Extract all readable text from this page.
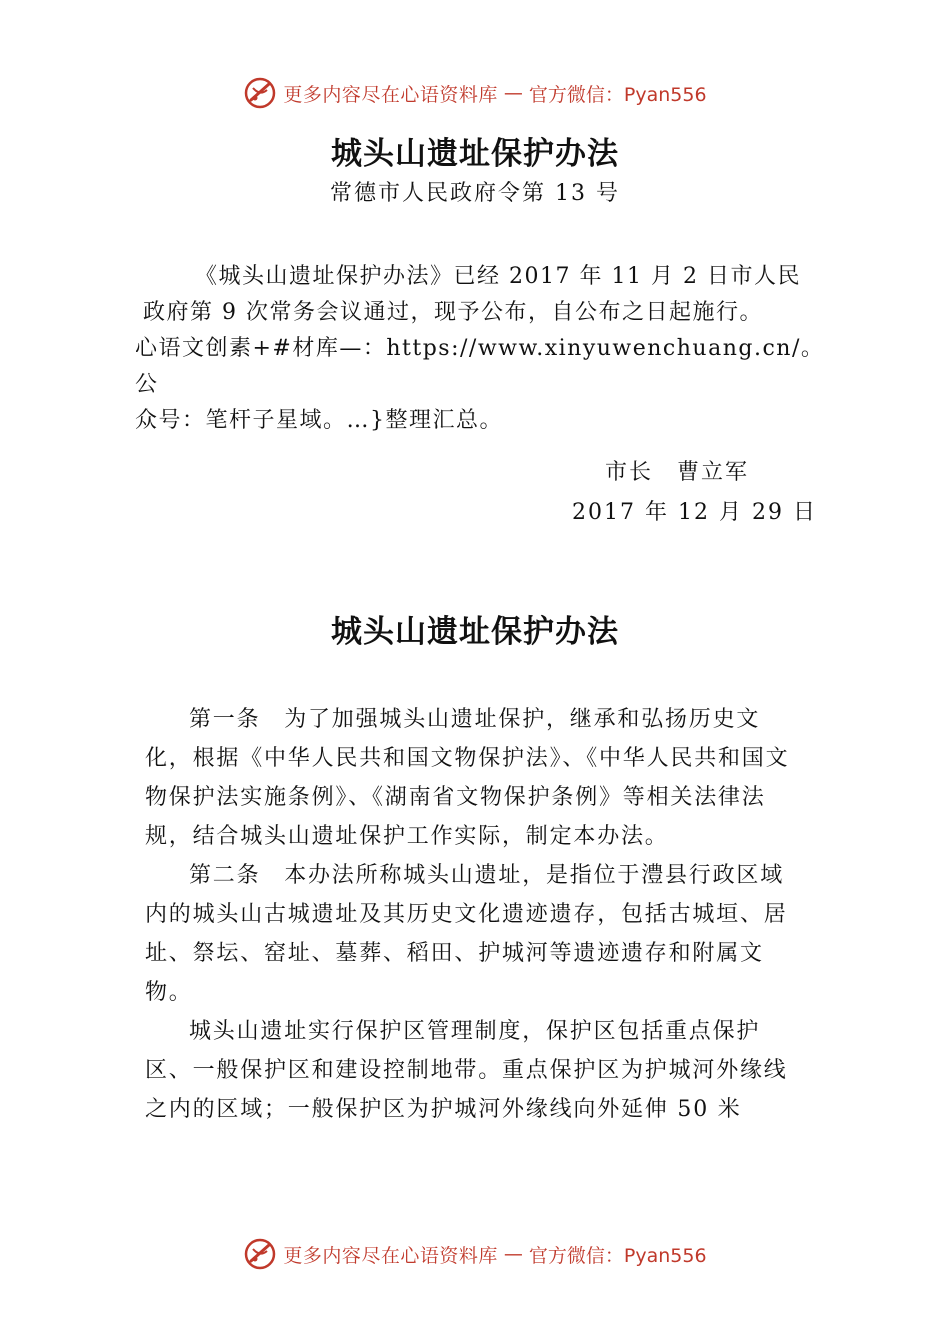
更多内容尽在心语资料库 — 官方微信：Pyan556
城头山遗址保护办法
常德市人民政府令第 13 号
《城头山遗址保护办法》已经 2017 年 11 月 2 日市人民
政府第 9 次常务会议通过，现予公布，自公布之日起施行。
心语文创素+#材库—：https://www.xinyuwenchuang.cn/。公
众号：笔杆子星域。…}整理汇总。
市长　曹立军
2017 年 12 月 29 日
城头山遗址保护办法

第一条　为了加强城头山遗址保护，继承和弘扬历史文化，根据《中华人民共和国文物保护法》、《中华人民共和国文物保护法实施条例》、《湖南省文物保护条例》等相关法律法规，结合城头山遗址保护工作实际，制定本办法。

第二条　本办法所称城头山遗址，是指位于澧县行政区域内的城头山古城遗址及其历史文化遗迹遗存，包括古城垣、居址、祭坛、窑址、墓葬、稻田、护城河等遗迹遗存和附属文物。

城头山遗址实行保护区管理制度，保护区包括重点保护区、一般保护区和建设控制地带。重点保护区为护城河外缘线之内的区域；一般保护区为护城河外缘线向外延伸 50 米

更多内容尽在心语资料库 — 官方微信：Pyan556
